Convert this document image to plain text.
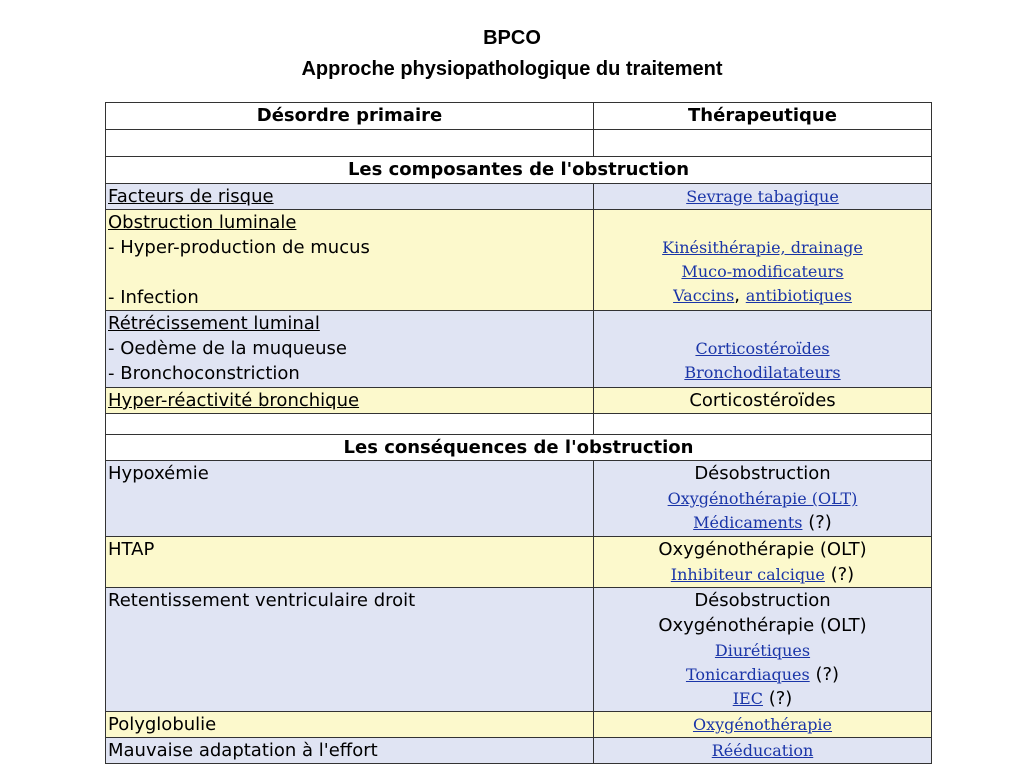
BPCO
Approche physiopathologique du traitement
Désordre primaire	Thérapeutique

Les composantes de l'obstruction	
Facteurs de risque	Sevrage tabagique

Obstruction luminale
- Hyper-production de mucus
- Infection	Kinésithérapie, drainage
Muco-modificateurs
Vaccins, antibiotiques

Rétrécissement luminal
- Oedème de la muqueuse
- Bronchoconstriction	Corticostéroïdes
Bronchodilatateurs

Hyper-réactivité bronchique	Corticostéroïdes

Les conséquences de l'obstruction	
Hypoxémie	Désobstruction
Oxygénothérapie (OLT)
Médicaments (?)

HTAP	Oxygénothérapie (OLT)
Inhibiteur calcique (?)

Retentissement ventriculaire droit	Désobstruction
Oxygénothérapie (OLT)
Diurétiques
Tonicardiaques (?)
IEC (?)

Polyglobulie	Oxygénothérapie
Mauvaise adaptation à l'effort	Rééducation
